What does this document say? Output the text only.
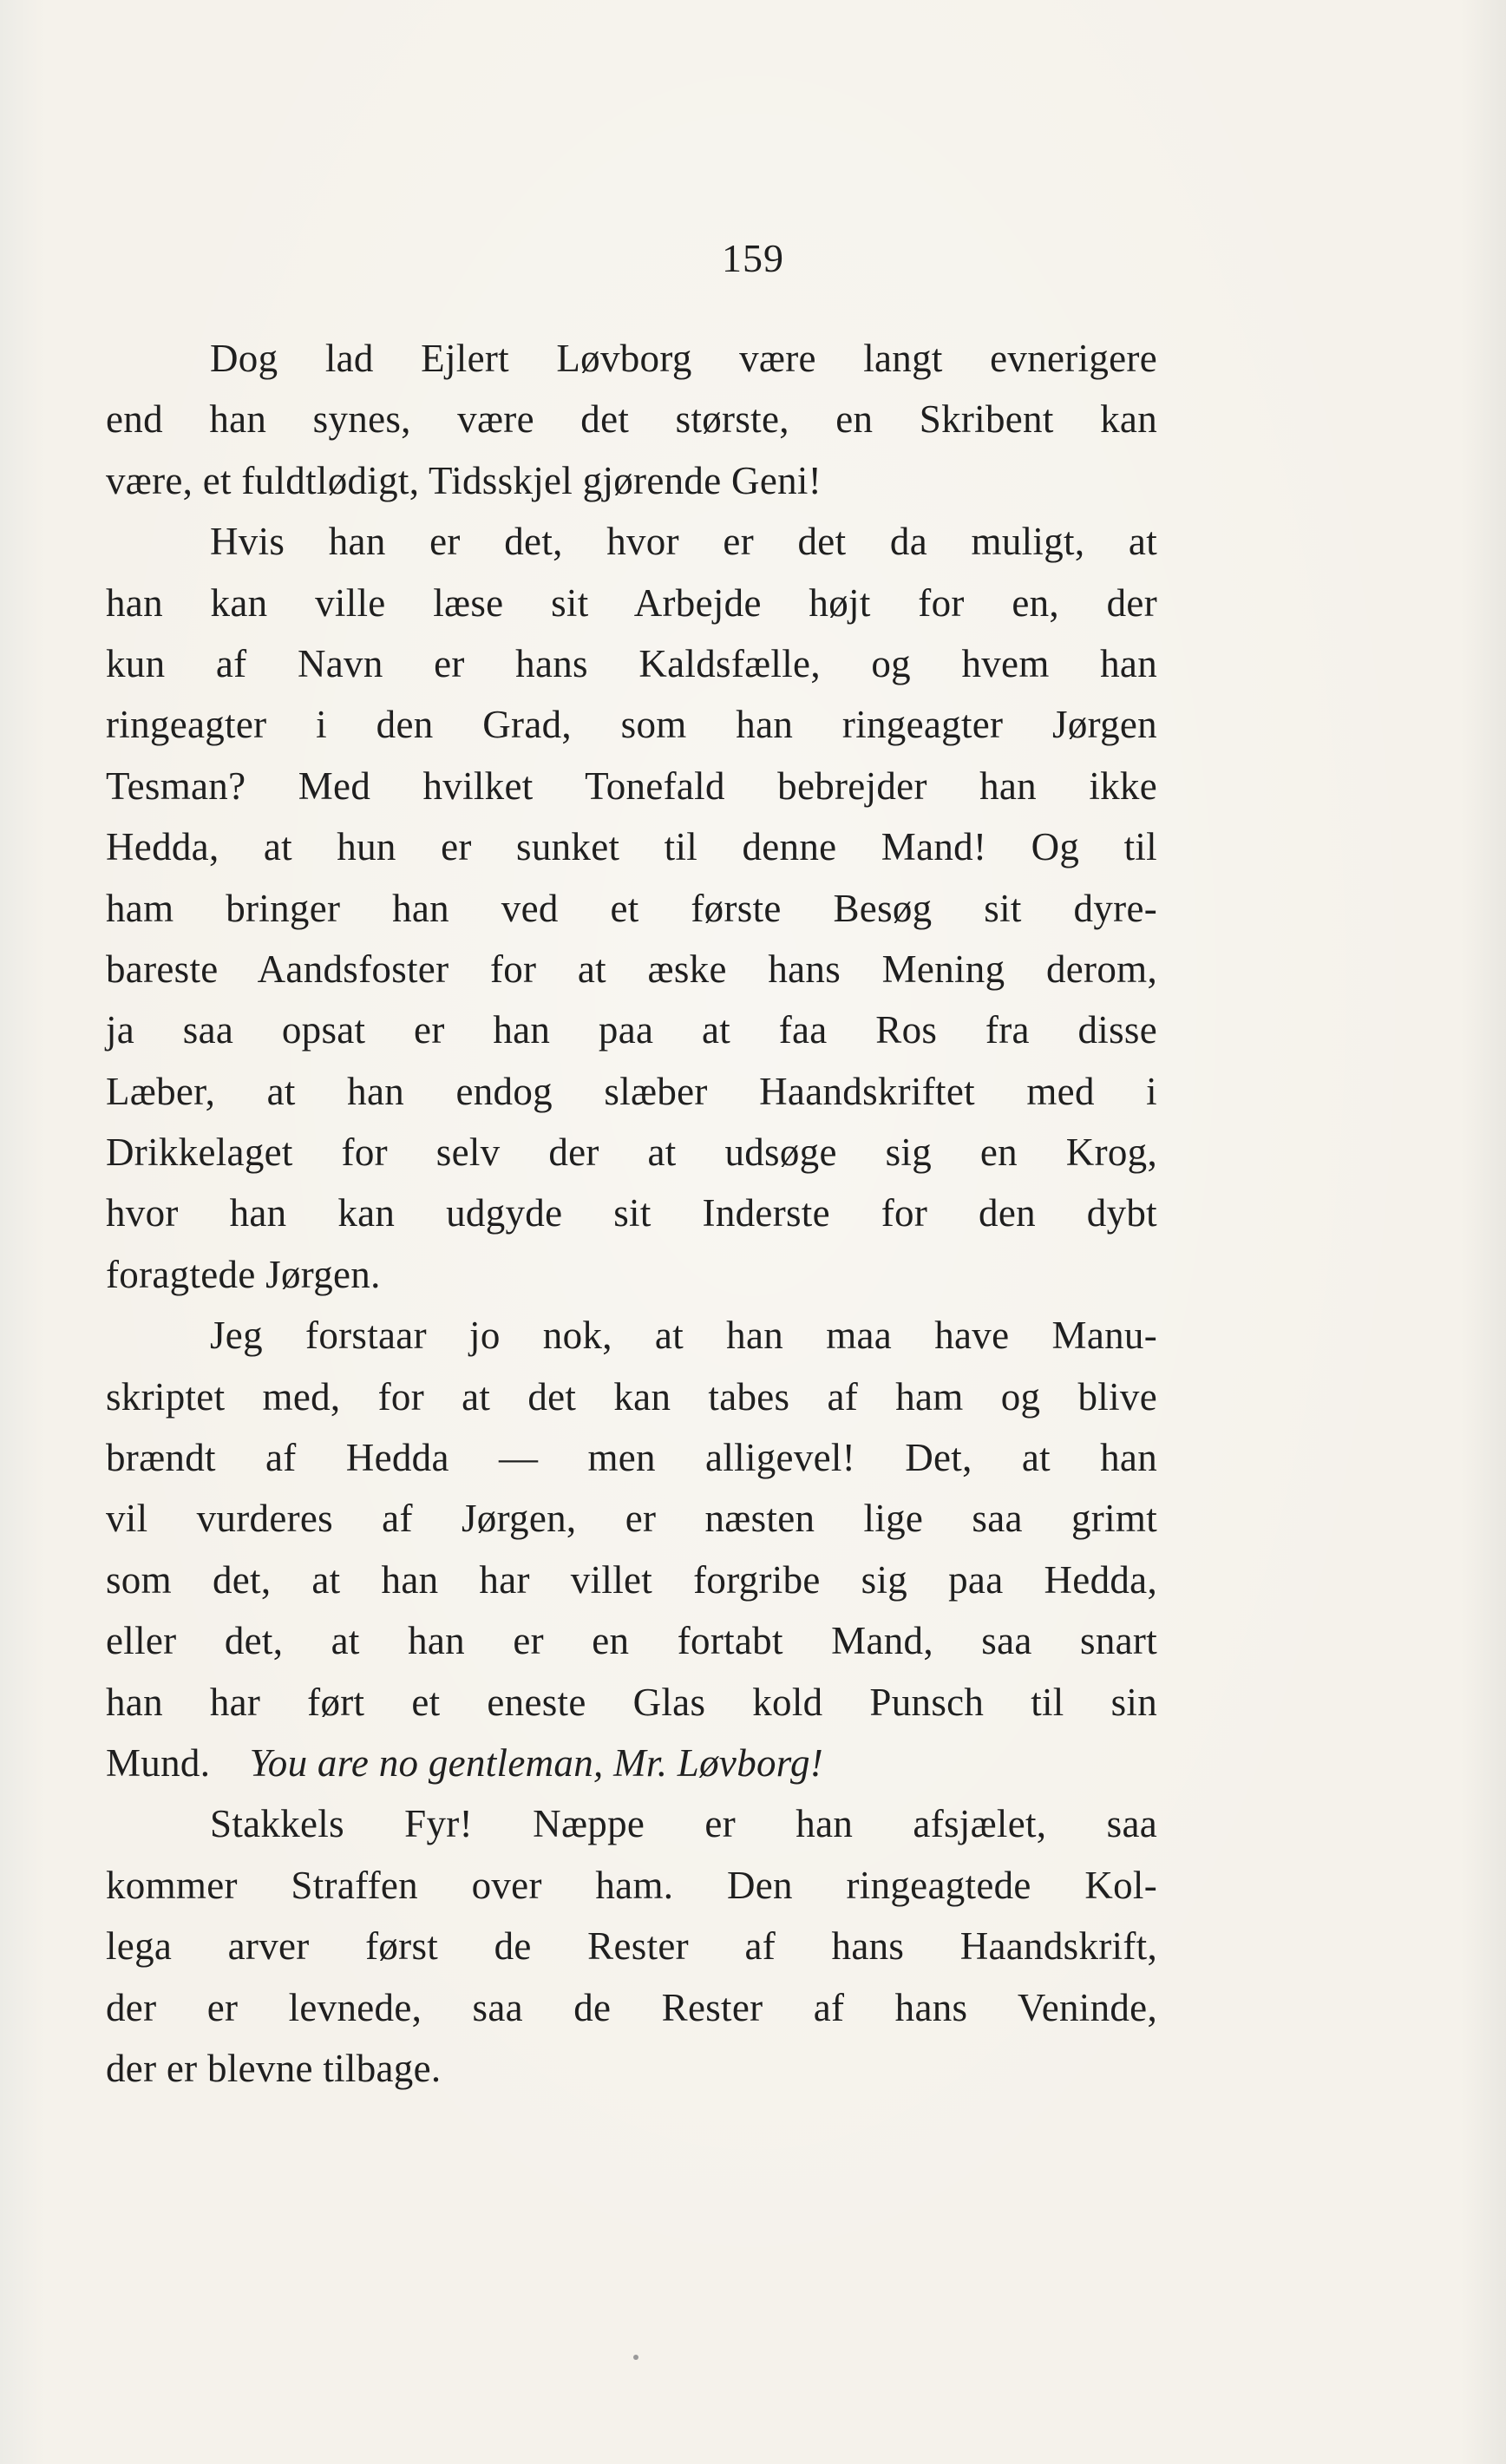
159
Dog lad Ejlert Løvborg være langt evnerigere
end han synes, være det største, en Skribent kan
være, et fuldtlødigt, Tidsskjel gjørende Geni!
Hvis han er det, hvor er det da muligt, at
han kan ville læse sit Arbejde højt for en, der
kun af Navn er hans Kaldsfælle, og hvem han
ringeagter i den Grad, som han ringeagter Jørgen
Tesman? Med hvilket Tonefald bebrejder han ikke
Hedda, at hun er sunket til denne Mand! Og til
ham bringer han ved et første Besøg sit dyre-
bareste Aandsfoster for at æske hans Mening derom,
ja saa opsat er han paa at faa Ros fra disse
Læber, at han endog slæber Haandskriftet med i
Drikkelaget for selv der at udsøge sig en Krog,
hvor han kan udgyde sit Inderste for den dybt
foragtede Jørgen.
Jeg forstaar jo nok, at han maa have Manu-
skriptet med, for at det kan tabes af ham og blive
brændt af Hedda — men alligevel! Det, at han
vil vurderes af Jørgen, er næsten lige saa grimt
som det, at han har villet forgribe sig paa Hedda,
eller det, at han er en fortabt Mand, saa snart
han har ført et eneste Glas kold Punsch til sin
Mund.  You are no gentleman, Mr. Løvborg!
Stakkels Fyr! Næppe er han afsjælet, saa
kommer Straffen over ham. Den ringeagtede Kol-
lega arver først de Rester af hans Haandskrift,
der er levnede, saa de Rester af hans Veninde,
der er blevne tilbage.
